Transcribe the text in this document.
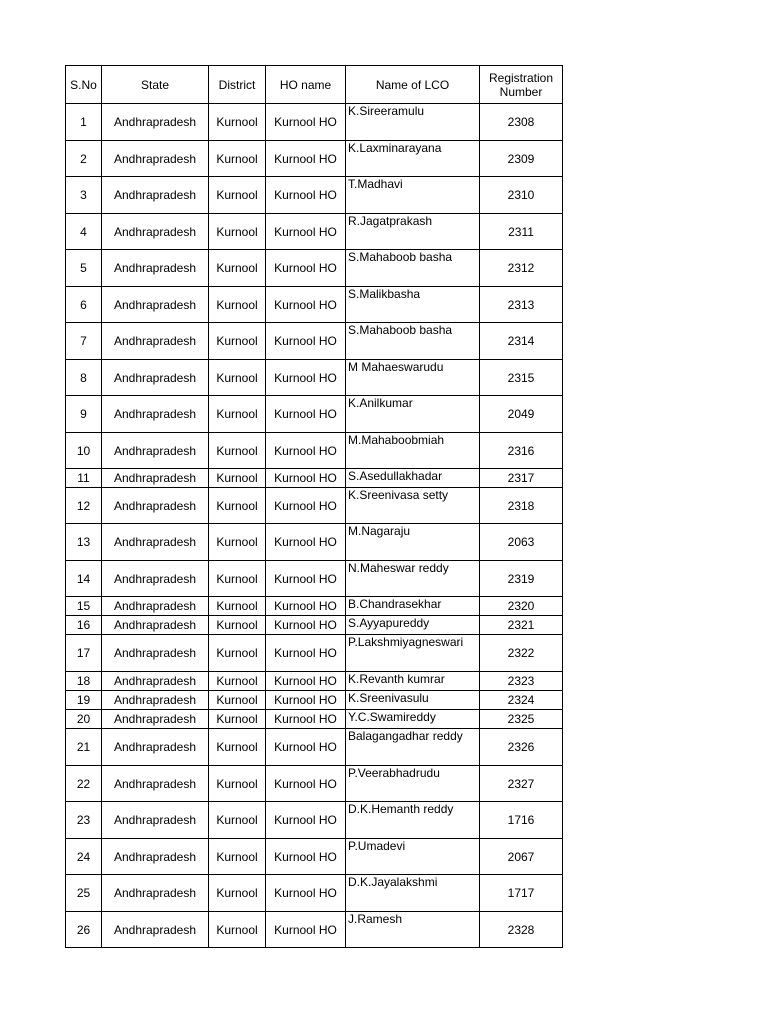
S.No	State	District	HO name	Name of LCO	Registration Number
1	Andhrapradesh	Kurnool	Kurnool HO	K.Sireeramulu	2308
2	Andhrapradesh	Kurnool	Kurnool HO	K.Laxminarayana	2309
3	Andhrapradesh	Kurnool	Kurnool HO	T.Madhavi	2310
4	Andhrapradesh	Kurnool	Kurnool HO	R.Jagatprakash	2311
5	Andhrapradesh	Kurnool	Kurnool HO	S.Mahaboob basha	2312
6	Andhrapradesh	Kurnool	Kurnool HO	S.Malikbasha	2313
7	Andhrapradesh	Kurnool	Kurnool HO	S.Mahaboob basha	2314
8	Andhrapradesh	Kurnool	Kurnool HO	M Mahaeswarudu	2315
9	Andhrapradesh	Kurnool	Kurnool HO	K.Anilkumar	2049
10	Andhrapradesh	Kurnool	Kurnool HO	M.Mahaboobmiah	2316
11	Andhrapradesh	Kurnool	Kurnool HO	S.Asedullakhadar	2317
12	Andhrapradesh	Kurnool	Kurnool HO	K.Sreenivasa setty	2318
13	Andhrapradesh	Kurnool	Kurnool HO	M.Nagaraju	2063
14	Andhrapradesh	Kurnool	Kurnool HO	N.Maheswar reddy	2319
15	Andhrapradesh	Kurnool	Kurnool HO	B.Chandrasekhar	2320
16	Andhrapradesh	Kurnool	Kurnool HO	S.Ayyapureddy	2321
17	Andhrapradesh	Kurnool	Kurnool HO	P.Lakshmiyagneswari	2322
18	Andhrapradesh	Kurnool	Kurnool HO	K.Revanth kumrar	2323
19	Andhrapradesh	Kurnool	Kurnool HO	K.Sreenivasulu	2324
20	Andhrapradesh	Kurnool	Kurnool HO	Y.C.Swamireddy	2325
21	Andhrapradesh	Kurnool	Kurnool HO	Balagangadhar reddy	2326
22	Andhrapradesh	Kurnool	Kurnool HO	P.Veerabhadrudu	2327
23	Andhrapradesh	Kurnool	Kurnool HO	D.K.Hemanth reddy	1716
24	Andhrapradesh	Kurnool	Kurnool HO	P.Umadevi	2067
25	Andhrapradesh	Kurnool	Kurnool HO	D.K.Jayalakshmi	1717
26	Andhrapradesh	Kurnool	Kurnool HO	J.Ramesh	2328
